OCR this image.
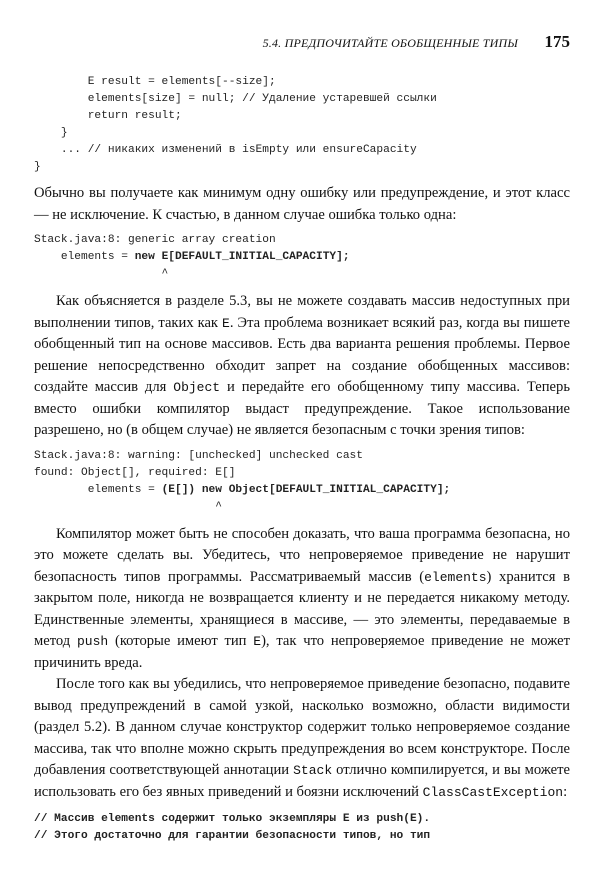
5.4. ПРЕДПОЧИТАЙТЕ ОБОБЩЕННЫЕ ТИПЫ 175
E result = elements[--size];
elements[size] = null; // Удаление устаревшей ссылки
return result;
}
... // никаких изменений в isEmpty или ensureCapacity
}

Обычно вы получаете как минимум одну ошибку или предупреждение, и этот класс — не исключение. К счастью, в данном случае ошибка только одна:

Stack.java:8: generic array creation
elements = new E[DEFAULT_INITIAL_CAPACITY];
^

Как объясняется в разделе 5.3, вы не можете создавать массив недоступных при выполнении типов, таких как E. Эта проблема возникает всякий раз, когда вы пишете обобщенный тип на основе массивов. Есть два варианта решения проблемы. Первое решение непосредственно обходит запрет на создание обобщенных массивов: создайте массив для Object и передайте его обобщенному типу массива. Теперь вместо ошибки компилятор выдаст предупреждение. Такое использование разрешено, но (в общем случае) не является безопасным с точки зрения типов:

Stack.java:8: warning: [unchecked] unchecked cast
found: Object[], required: E[]
elements = (E[]) new Object[DEFAULT_INITIAL_CAPACITY];
^

Компилятор может быть не способен доказать, что ваша программа безопасна, но это можете сделать вы. Убедитесь, что непроверяемое приведение не нарушит безопасность типов программы. Рассматриваемый массив (elements) хранится в закрытом поле, никогда не возвращается клиенту и не передается никакому методу. Единственные элементы, хранящиеся в массиве, — это элементы, передаваемые в метод push (которые имеют тип E), так что непроверяемое приведение не может причинить вреда.

После того как вы убедились, что непроверяемое приведение безопасно, подавите вывод предупреждений в самой узкой, насколько возможно, области видимости (раздел 5.2). В данном случае конструктор содержит только непроверяемое создание массива, так что вполне можно скрыть предупреждения во всем конструкторе. После добавления соответствующей аннотации Stack отлично компилируется, и вы можете использовать его без явных приведений и боязни исключений ClassCastException:

// Массив elements содержит только экземпляры E из push(E).
// Этого достаточно для гарантии безопасности типов, но тип
